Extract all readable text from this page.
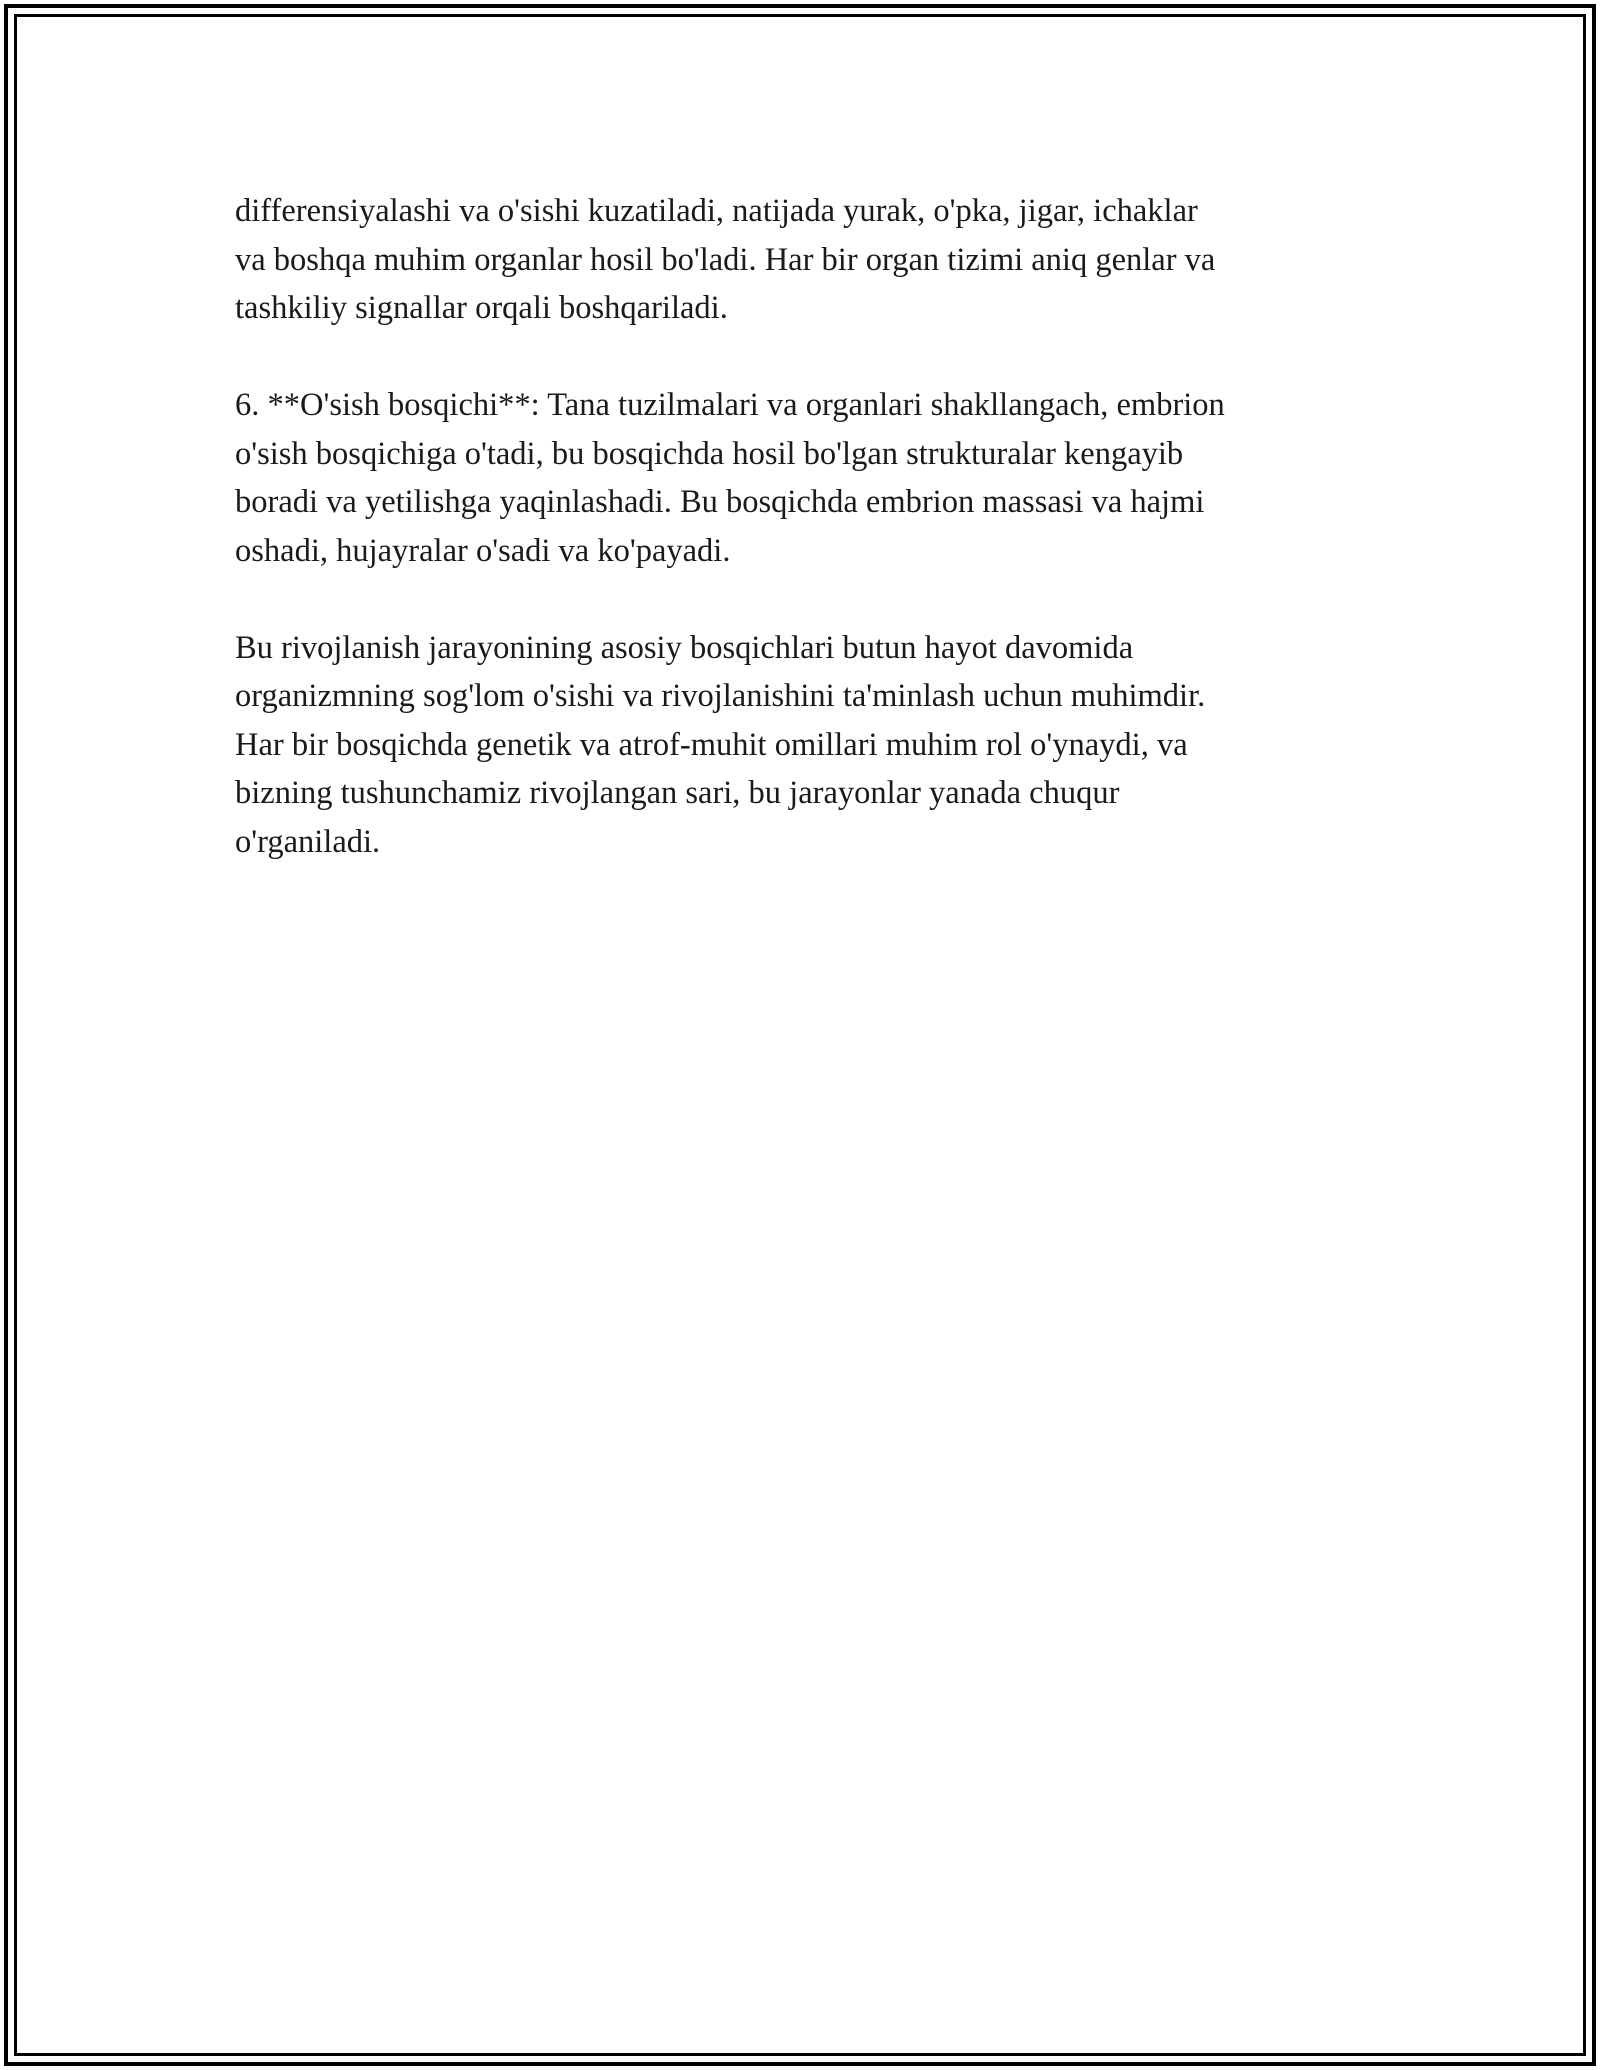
differensiyalashi va o'sishi kuzatiladi, natijada yurak, o'pka, jigar, ichaklar
va boshqa muhim organlar hosil bo'ladi. Har bir organ tizimi aniq genlar va
tashkiliy signallar orqali boshqariladi.

6. **O'sish bosqichi**: Tana tuzilmalari va organlari shakllangach, embrion
o'sish bosqichiga o'tadi, bu bosqichda hosil bo'lgan strukturalar kengayib
boradi va yetilishga yaqinlashadi. Bu bosqichda embrion massasi va hajmi
oshadi, hujayralar o'sadi va ko'payadi.

Bu rivojlanish jarayonining asosiy bosqichlari butun hayot davomida
organizmning sog'lom o'sishi va rivojlanishini ta'minlash uchun muhimdir.
Har bir bosqichda genetik va atrof-muhit omillari muhim rol o'ynaydi, va
bizning tushunchamiz rivojlangan sari, bu jarayonlar yanada chuqur
o'rganiladi.
